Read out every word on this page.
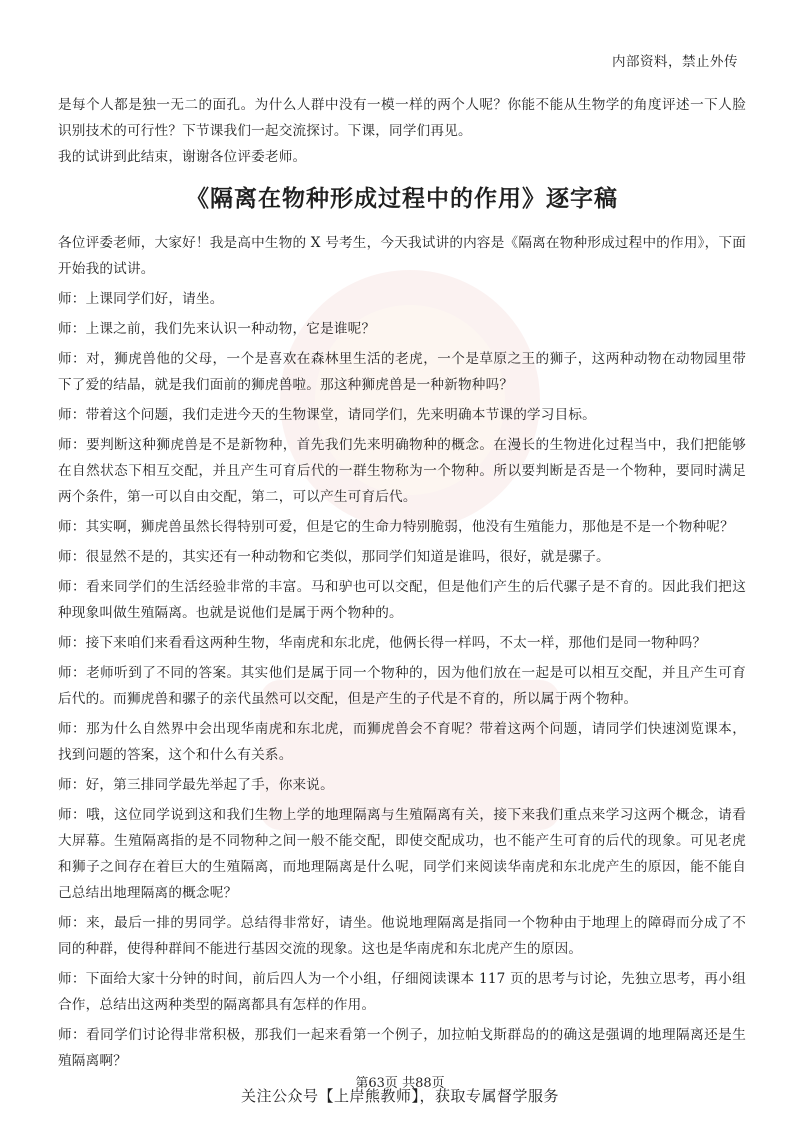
内部资料，禁止外传

是每个人都是独一无二的面孔。为什么人群中没有一模一样的两个人呢？你能不能从生物学的角度评述一下人脸识别技术的可行性？下节课我们一起交流探讨。下课，同学们再见。

我的试讲到此结束，谢谢各位评委老师。

《隔离在物种形成过程中的作用》逐字稿

各位评委老师，大家好！我是高中生物的 X 号考生，今天我试讲的内容是《隔离在物种形成过程中的作用》，下面开始我的试讲。

师：上课同学们好，请坐。

师：上课之前，我们先来认识一种动物，它是谁呢？

师：对，狮虎兽他的父母，一个是喜欢在森林里生活的老虎，一个是草原之王的狮子，这两种动物在动物园里带下了爱的结晶，就是我们面前的狮虎兽啦。那这种狮虎兽是一种新物种吗？

师：带着这个问题，我们走进今天的生物课堂，请同学们，先来明确本节课的学习目标。

师：要判断这种狮虎兽是不是新物种，首先我们先来明确物种的概念。在漫长的生物进化过程当中，我们把能够在自然状态下相互交配，并且产生可育后代的一群生物称为一个物种。所以要判断是否是一个物种，要同时满足两个条件，第一可以自由交配，第二，可以产生可育后代。

师：其实啊，狮虎兽虽然长得特别可爱，但是它的生命力特别脆弱，他没有生殖能力，那他是不是一个物种呢？

师：很显然不是的，其实还有一种动物和它类似，那同学们知道是谁吗，很好，就是骡子。

师：看来同学们的生活经验非常的丰富。马和驴也可以交配，但是他们产生的后代骡子是不育的。因此我们把这种现象叫做生殖隔离。也就是说他们是属于两个物种的。

师：接下来咱们来看看这两种生物，华南虎和东北虎，他俩长得一样吗，不太一样，那他们是同一物种吗？

师：老师听到了不同的答案。其实他们是属于同一个物种的，因为他们放在一起是可以相互交配，并且产生可育后代的。而狮虎兽和骡子的亲代虽然可以交配，但是产生的子代是不育的，所以属于两个物种。

师：那为什么自然界中会出现华南虎和东北虎，而狮虎兽会不育呢？带着这两个问题，请同学们快速浏览课本，找到问题的答案，这个和什么有关系。

师：好，第三排同学最先举起了手，你来说。

师：哦，这位同学说到这和我们生物上学的地理隔离与生殖隔离有关，接下来我们重点来学习这两个概念，请看大屏幕。生殖隔离指的是不同物种之间一般不能交配，即使交配成功，也不能产生可育的后代的现象。可见老虎和狮子之间存在着巨大的生殖隔离，而地理隔离是什么呢，同学们来阅读华南虎和东北虎产生的原因，能不能自己总结出地理隔离的概念呢？

师：来，最后一排的男同学。总结得非常好，请坐。他说地理隔离是指同一个物种由于地理上的障碍而分成了不同的种群，使得种群间不能进行基因交流的现象。这也是华南虎和东北虎产生的原因。

师：下面给大家十分钟的时间，前后四人为一个小组，仔细阅读课本 117 页的思考与讨论，先独立思考，再小组合作，总结出这两种类型的隔离都具有怎样的作用。

师：看同学们讨论得非常积极，那我们一起来看第一个例子，加拉帕戈斯群岛的的确这是强调的地理隔离还是生殖隔离啊？

第63页 共88页
关注公众号【上岸熊教师】，获取专属督学服务
